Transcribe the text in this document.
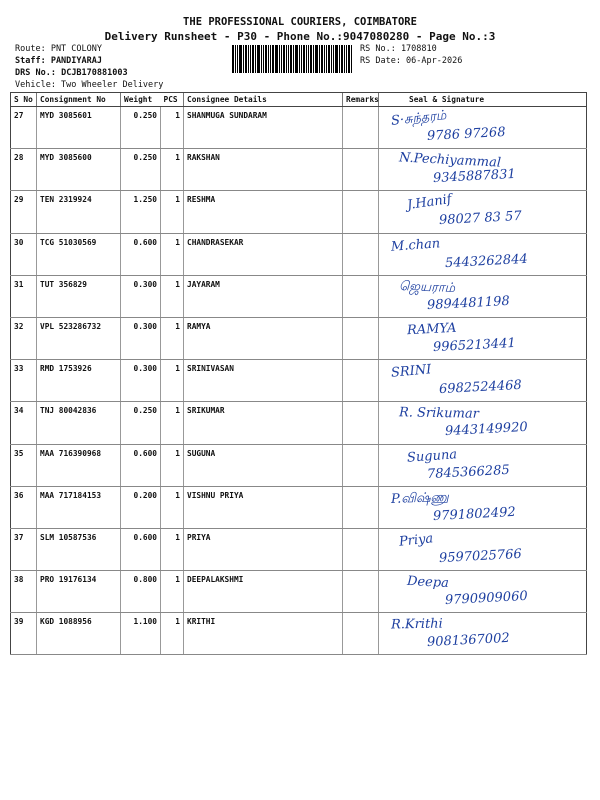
THE PROFESSIONAL COURIERS, COIMBATORE
Delivery Runsheet - P30 - Phone No.:9047080280 - Page No.:3
Route: PNT COLONY
Staff: PANDIYARAJ
DRS No.: DCJB170881003
Vehicle: Two Wheeler Delivery
RS No.: 1708810
RS Date: 06-Apr-2026
S No	Consignment No	Weight	PCS	Consignee Details	Remarks	Seal & Signature
27	MYD 3085601	0.250	1	SHANMUGA SUNDARAM		S·சுந்தரம்
9786 97268

28	MYD 3085600	0.250	1	RAKSHAN		N.Pechiyammal
9345887831

29	TEN 2319924	1.250	1	RESHMA		J.Hanif
98027 83 57

30	TCG 51030569	0.600	1	CHANDRASEKAR		M.chan
5443262844

31	TUT 356829	0.300	1	JAYARAM		ஜெயராம்
9894481198

32	VPL 523286732	0.300	1	RAMYA		RAMYA
9965213441

33	RMD 1753926	0.300	1	SRINIVASAN		SRINI
6982524468

34	TNJ 80042836	0.250	1	SRIKUMAR		R. Srikumar
9443149920

35	MAA 716390968	0.600	1	SUGUNA		Suguna
7845366285

36	MAA 717184153	0.200	1	VISHNU PRIYA		P.விஷ்ணு
9791802492

37	SLM 10587536	0.600	1	PRIYA		Priya
9597025766

38	PRO 19176134	0.800	1	DEEPALAKSHMI		Deepa
9790909060

39	KGD 1088956	1.100	1	KRITHI		R.Krithi
9081367002
